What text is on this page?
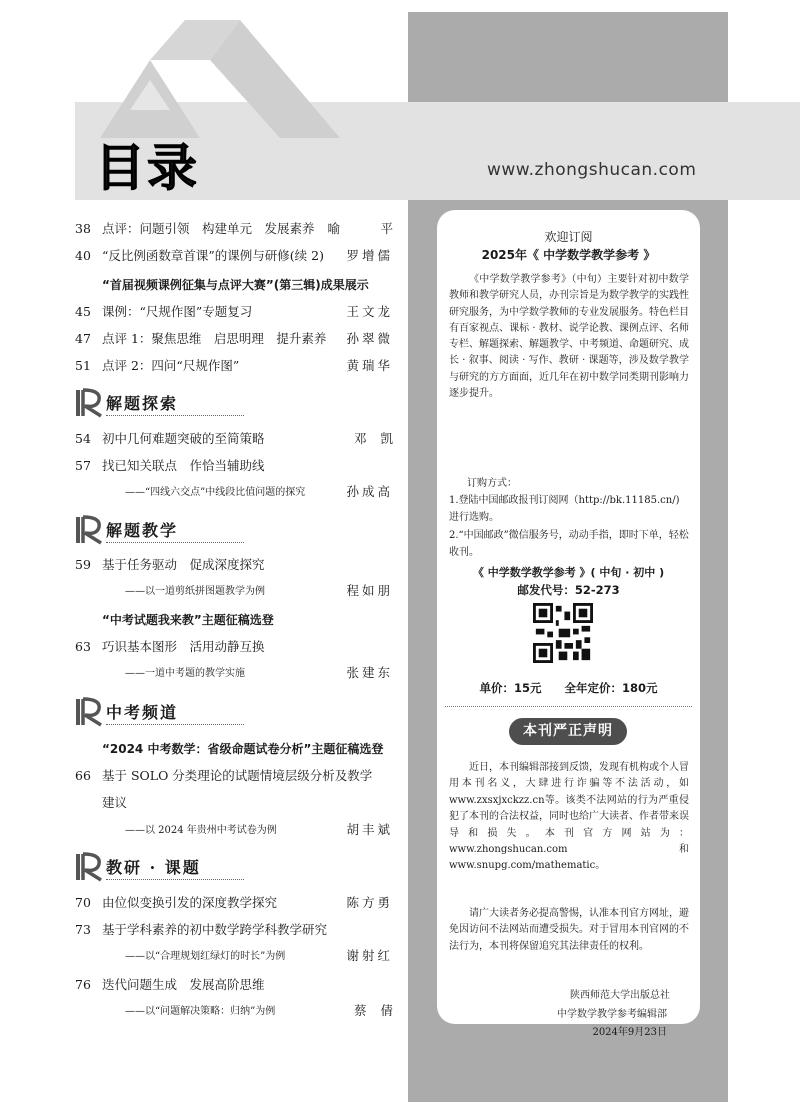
目录	www.zhongshucan.com
38 点评：问题引领　构建单元　发展素养 喻　平
40 “反比例函数章首课”的课例与研修(续 2) 罗增儒
“首届视频课例征集与点评大赛”(第三辑)成果展示
45 课例：“尺规作图”专题复习	王文龙
47 点评 1：聚焦思维　启思明理　提升素养 孙翠微
51 点评 2：四问“尺规作图”	黄瑞华
解题探索
54 初中几何难题突破的至简策略	邓凯
57 找已知关联点　作恰当辅助线
——“四线六交点”中线段比值问题的探究	孙成高
解题教学
59 基于任务驱动　促成深度探究
——以一道剪纸拼图题教学为例	程如朋
“中考试题我来教”主题征稿选登
63 巧识基本图形　活用动静互换
——一道中考题的教学实施	张建东
中考频道
“2024 中考数学：省级命题试卷分析”主题征稿选登
66 基于 SOLO 分类理论的试题情境层级分析及教学
建议
——以 2024 年贵州中考试卷为例	胡丰斌
教研 · 课题
70 由位似变换引发的深度教学探究	陈方勇
73 基于学科素养的初中数学跨学科教学研究
——以“合理规划红绿灯的时长”为例	谢射红
76 迭代问题生成　发展高阶思维
——以“问题解决策略：归纳”为例	蔡倩
欢迎订阅
2025年《 中学数学教学参考 》
《中学数学教学参考》（中旬）主要针对初中数学教师和教学研究人员，办刊宗旨是为数学教学的实践性研究服务，为中学数学教师的专业发展服务。特色栏目有百家视点、课标 · 教材、说学论教、课例点评、名师专栏、解题探索、解题教学、中考频道、命题研究、成长 · 叙事、阅读 · 写作、教研 · 课题等，涉及数学教学与研究的方方面面，近几年在初中数学同类期刊影响力逐步提升。
订购方式：
1.登陆中国邮政报刊订阅网（http://bk.11185.cn/)进行选购。
2.“中国邮政”微信服务号，动动手指，即时下单，轻松收刊。
《 中学数学教学参考 》( 中旬 · 初中 )
邮发代号：52-273
单价：15元　　全年定价：180元
本刊严正声明
近日，本刊编辑部接到反馈，发现有机构或个人冒用本刊名义，大肆进行诈骗等不法活动，如www.zxsxjxckzz.cn等。该类不法网站的行为严重侵犯了本刊的合法权益，同时也给广大读者、作者带来误导和损失。本刊官方网站为：www.zhongshucan.com 和 www.snupg.com/mathematic。
请广大读者务必提高警惕，认准本刊官方网址，避免因访问不法网站而遭受损失。对于冒用本刊官网的不法行为，本刊将保留追究其法律责任的权利。
陕西师范大学出版总社
中学数学教学参考编辑部
2024年9月23日
